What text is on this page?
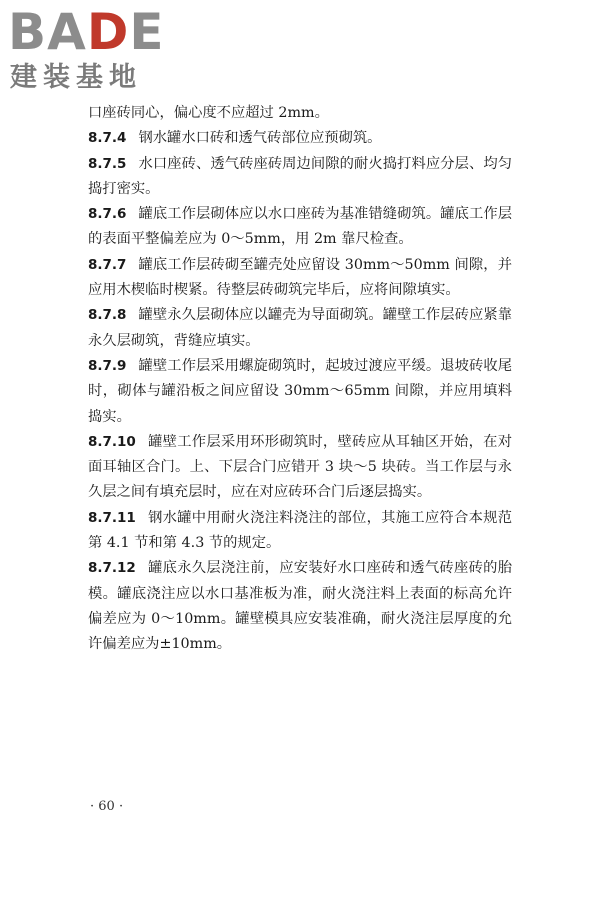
BADE
建装基地

口座砖同心，偏心度不应超过 2mm。

8.7.4 钢水罐水口砖和透气砖部位应预砌筑。

8.7.5 水口座砖、透气砖座砖周边间隙的耐火捣打料应分层、均匀捣打密实。

8.7.6 罐底工作层砌体应以水口座砖为基准错缝砌筑。罐底工作层的表面平整偏差应为 0～5mm，用 2m 靠尺检查。

8.7.7 罐底工作层砖砌至罐壳处应留设 30mm～50mm 间隙，并应用木楔临时楔紧。待整层砖砌筑完毕后，应将间隙填实。

8.7.8 罐壁永久层砌体应以罐壳为导面砌筑。罐壁工作层砖应紧靠永久层砌筑，背缝应填实。

8.7.9 罐壁工作层采用螺旋砌筑时，起坡过渡应平缓。退坡砖收尾时，砌体与罐沿板之间应留设 30mm～65mm 间隙，并应用填料捣实。

8.7.10 罐壁工作层采用环形砌筑时，壁砖应从耳轴区开始，在对面耳轴区合门。上、下层合门应错开 3 块～5 块砖。当工作层与永久层之间有填充层时，应在对应砖环合门后逐层捣实。

8.7.11 钢水罐中用耐火浇注料浇注的部位，其施工应符合本规范第 4.1 节和第 4.3 节的规定。

8.7.12 罐底永久层浇注前，应安装好水口座砖和透气砖座砖的胎模。罐底浇注应以水口基准板为准，耐火浇注料上表面的标高允许偏差应为 0～10mm。罐壁模具应安装准确，耐火浇注层厚度的允许偏差应为±10mm。

· 60 ·
